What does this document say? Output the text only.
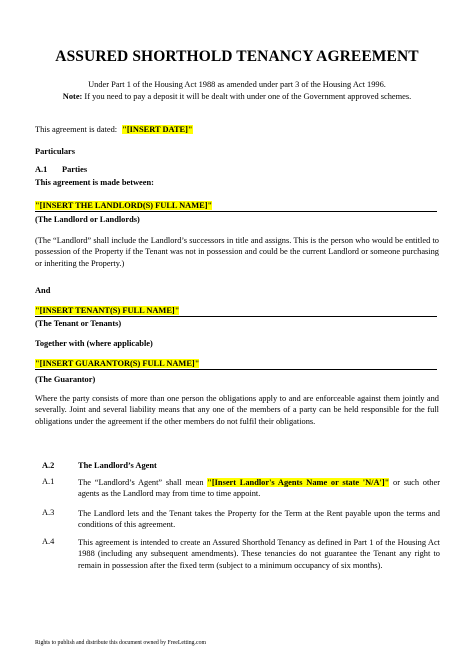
ASSURED SHORTHOLD TENANCY AGREEMENT
Under Part 1 of the Housing Act 1988 as amended under part 3 of the Housing Act 1996.
Note: If you need to pay a deposit it will be dealt with under one of the Government approved schemes.
This agreement is dated: "[INSERT DATE]"
Particulars
A.1 Parties
This agreement is made between:
"[INSERT THE LANDLORD(S) FULL NAME]"
(The Landlord or Landlords)
(The “Landlord” shall include the Landlord’s successors in title and assigns. This is the person who would be entitled to possession of the Property if the Tenant was not in possession and could be the current Landlord or someone purchasing or inheriting the Property.)
And
"[INSERT TENANT(S) FULL NAME]"
(The Tenant or Tenants)
Together with (where applicable)
"[INSERT GUARANTOR(S) FULL NAME]"
(The Guarantor)
Where the party consists of more than one person the obligations apply to and are enforceable against them jointly and severally. Joint and several liability means that any one of the members of a party can be held responsible for the full obligations under the agreement if the other members do not fulfil their obligations.
A.2	The Landlord’s Agent
A.1	The “Landlord’s Agent” shall mean "[Insert Landlor's Agents Name or state 'N/A']" or such other agents as the Landlord may from time to time appoint.
A.3	The Landlord lets and the Tenant takes the Property for the Term at the Rent payable upon the terms and conditions of this agreement.
A.4	This agreement is intended to create an Assured Shorthold Tenancy as defined in Part 1 of the Housing Act 1988 (including any subsequent amendments). These tenancies do not guarantee the Tenant any right to remain in possession after the fixed term (subject to a minimum occupancy of six months).
Rights to publish and distribute this document owned by FreeLetting.com
